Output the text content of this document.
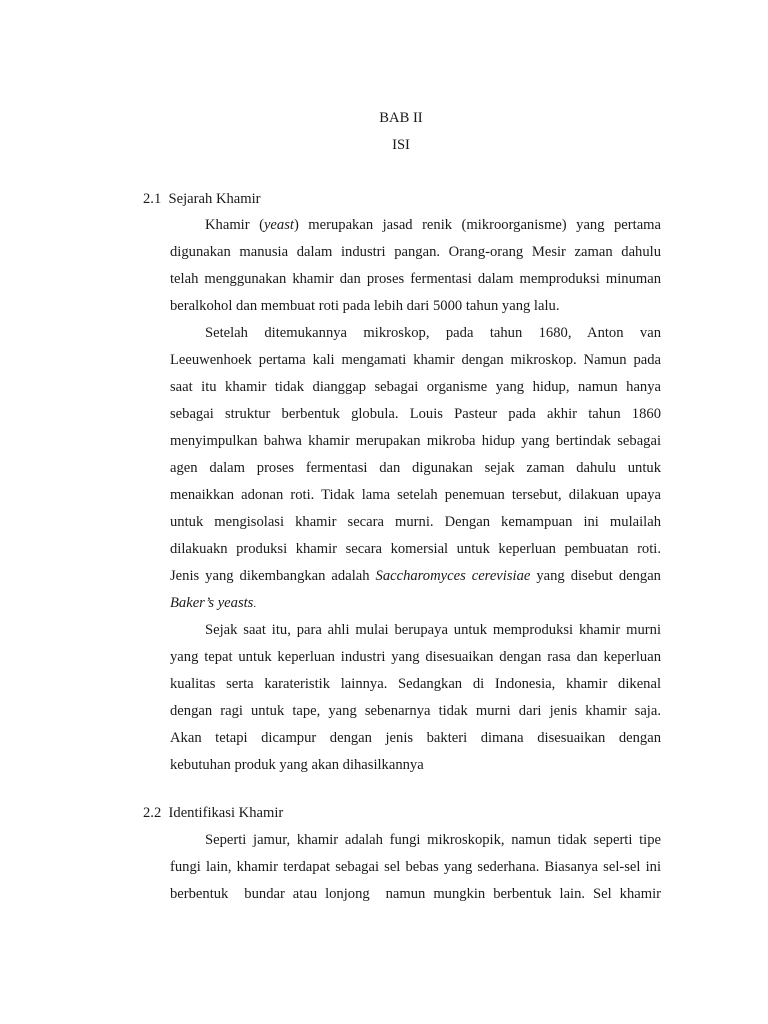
BAB II
ISI
2.1  Sejarah Khamir
Khamir (yeast) merupakan jasad renik (mikroorganisme) yang pertama
digunakan manusia dalam industri pangan. Orang-orang Mesir zaman dahulu
telah menggunakan khamir dan proses fermentasi dalam memproduksi minuman
beralkohol dan membuat roti pada lebih dari 5000 tahun yang lalu.
Setelah ditemukannya mikroskop, pada tahun 1680, Anton van
Leeuwenhoek pertama kali mengamati khamir dengan mikroskop. Namun pada
saat itu khamir tidak dianggap sebagai organisme yang hidup, namun hanya
sebagai struktur berbentuk globula. Louis Pasteur pada akhir tahun 1860
menyimpulkan bahwa khamir merupakan mikroba hidup yang bertindak sebagai
agen dalam proses fermentasi dan digunakan sejak zaman dahulu untuk
menaikkan adonan roti. Tidak lama setelah penemuan tersebut, dilakuan upaya
untuk mengisolasi khamir secara murni. Dengan kemampuan ini mulailah
dilakuakn produksi khamir secara komersial untuk keperluan pembuatan roti.
Jenis yang dikembangkan adalah Saccharomyces cerevisiae yang disebut dengan
Baker’s yeasts.
Sejak saat itu, para ahli mulai berupaya untuk memproduksi khamir murni
yang tepat untuk keperluan industri yang disesuaikan dengan rasa dan keperluan
kualitas serta karateristik lainnya. Sedangkan di Indonesia, khamir dikenal
dengan ragi untuk tape, yang sebenarnya tidak murni dari jenis khamir saja.
Akan tetapi dicampur dengan jenis bakteri dimana disesuaikan dengan
kebutuhan produk yang akan dihasilkannya
2.2  Identifikasi Khamir
Seperti jamur, khamir adalah fungi mikroskopik, namun tidak seperti tipe
fungi lain, khamir terdapat sebagai sel bebas yang sederhana. Biasanya sel-sel ini
berbentuk  bundar atau lonjong  namun mungkin berbentuk lain. Sel khamir
